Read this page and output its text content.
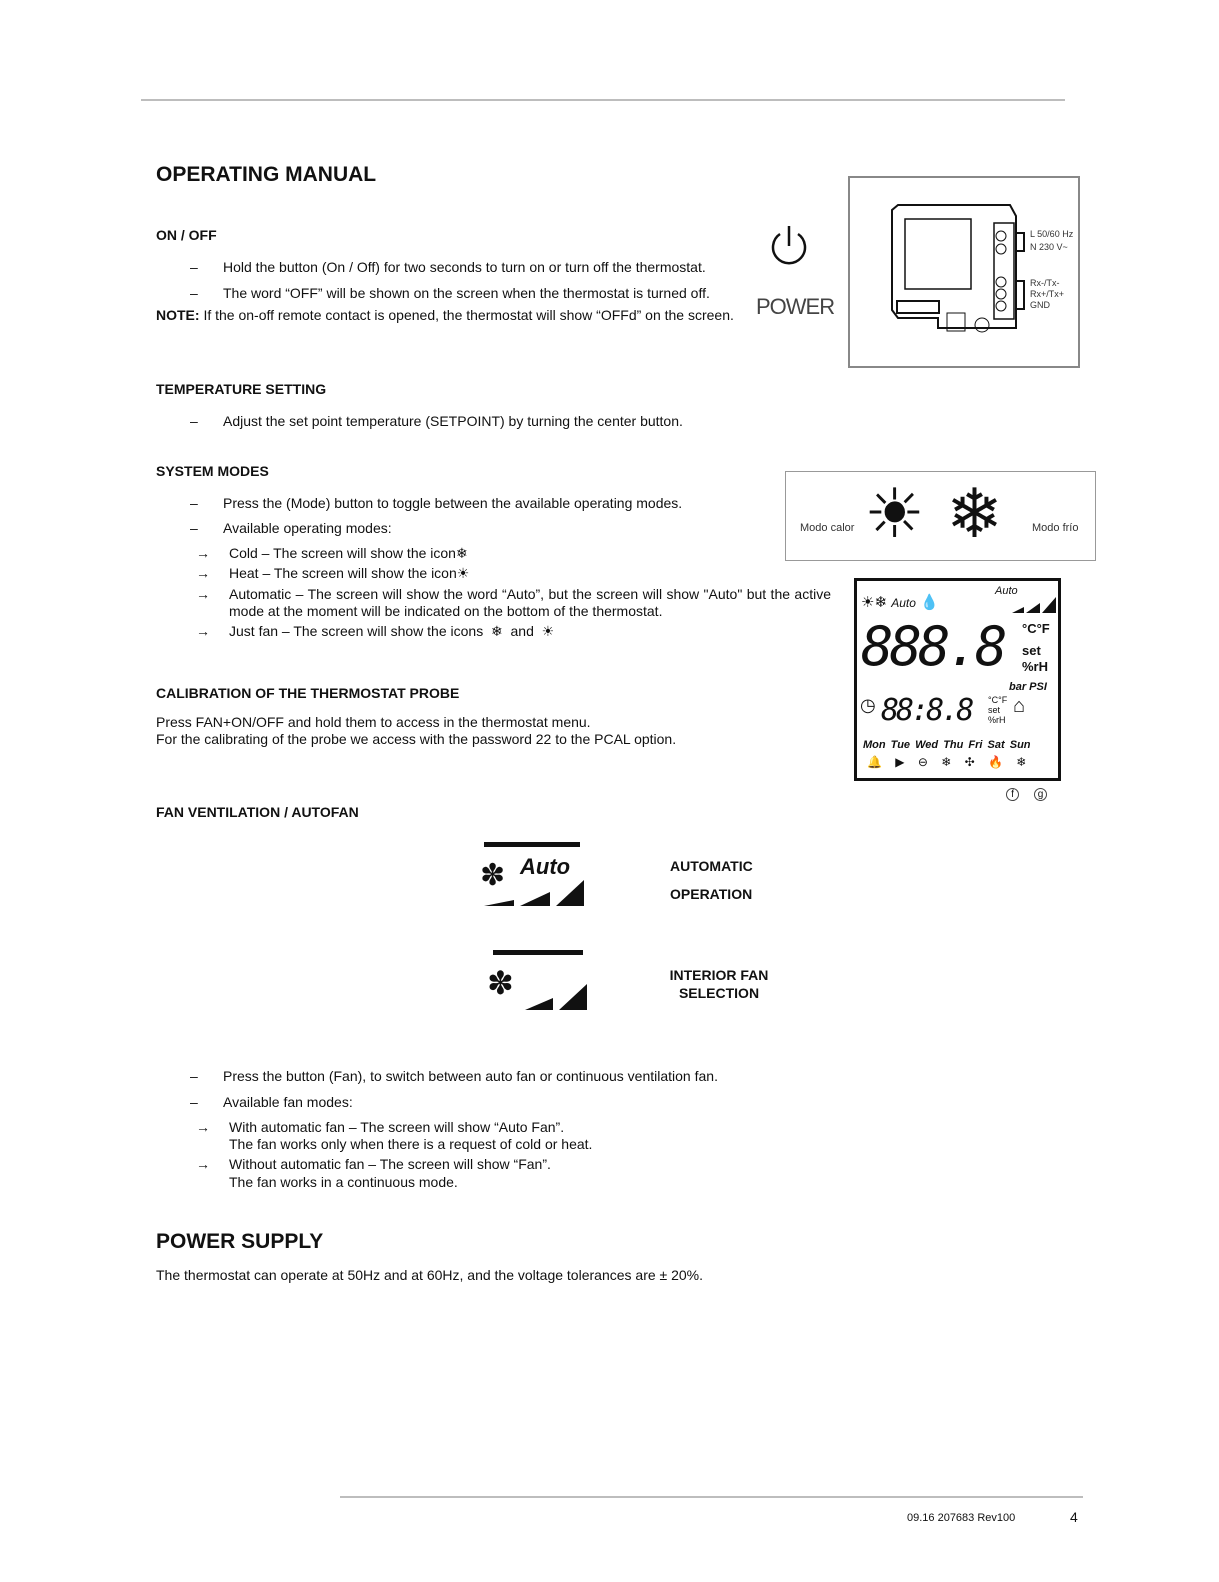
OPERATING MANUAL
ON / OFF
– Hold the button (On / Off) for two seconds to turn on or turn off the thermostat.
– The word “OFF” will be shown on the screen when the thermostat is turned off.
NOTE: If the on-off remote contact is opened, the thermostat will show “OFFd” on the screen. POWER
L 50/60 Hz
N 230 V~
Rx-/Tx-
Rx+/Tx+
GND
TEMPERATURE SETTING
– Adjust the set point temperature (SETPOINT) by turning the center button.
SYSTEM MODES
– Press the (Mode) button to toggle between the available operating modes.
– Available operating modes:
→ Cold – The screen will show the icon❄
→ Heat – The screen will show the icon☀
→ Automatic – The screen will show the word “Auto”, but the screen will show "Auto" but the active mode at the moment will be indicated on the bottom of the thermostat.
→ Just fan – The screen will show the icons ❄ and ☀
Modo calor ☀ ❄	Modo frío
☀❄ Auto 💧
Auto
888.8 °C°F
set
%rH
bar PSI
◷ 88:8.8 °C°F
set
%rH
⌂
Mon Tue Wed Thu Fri Sat Sun
🔔 ▶ ⊖ ❄ ✣ 🔥 ❄
f	g
CALIBRATION OF THE THERMOSTAT PROBE
Press FAN+ON/OFF and hold them to access in the thermostat menu.
For the calibrating of the probe we access with the password 22 to the PCAL option.
FAN VENTILATION / AUTOFAN
✽ Auto	AUTOMATIC
OPERATION
✽	INTERIOR FAN
SELECTION
– Press the button (Fan), to switch between auto fan or continuous ventilation fan.
– Available fan modes:
→ With automatic fan – The screen will show “Auto Fan”.
The fan works only when there is a request of cold or heat.
→ Without automatic fan – The screen will show “Fan”.
The fan works in a continuous mode.
POWER SUPPLY
The thermostat can operate at 50Hz and at 60Hz, and the voltage tolerances are ± 20%.
09.16 207683 Rev100	4
